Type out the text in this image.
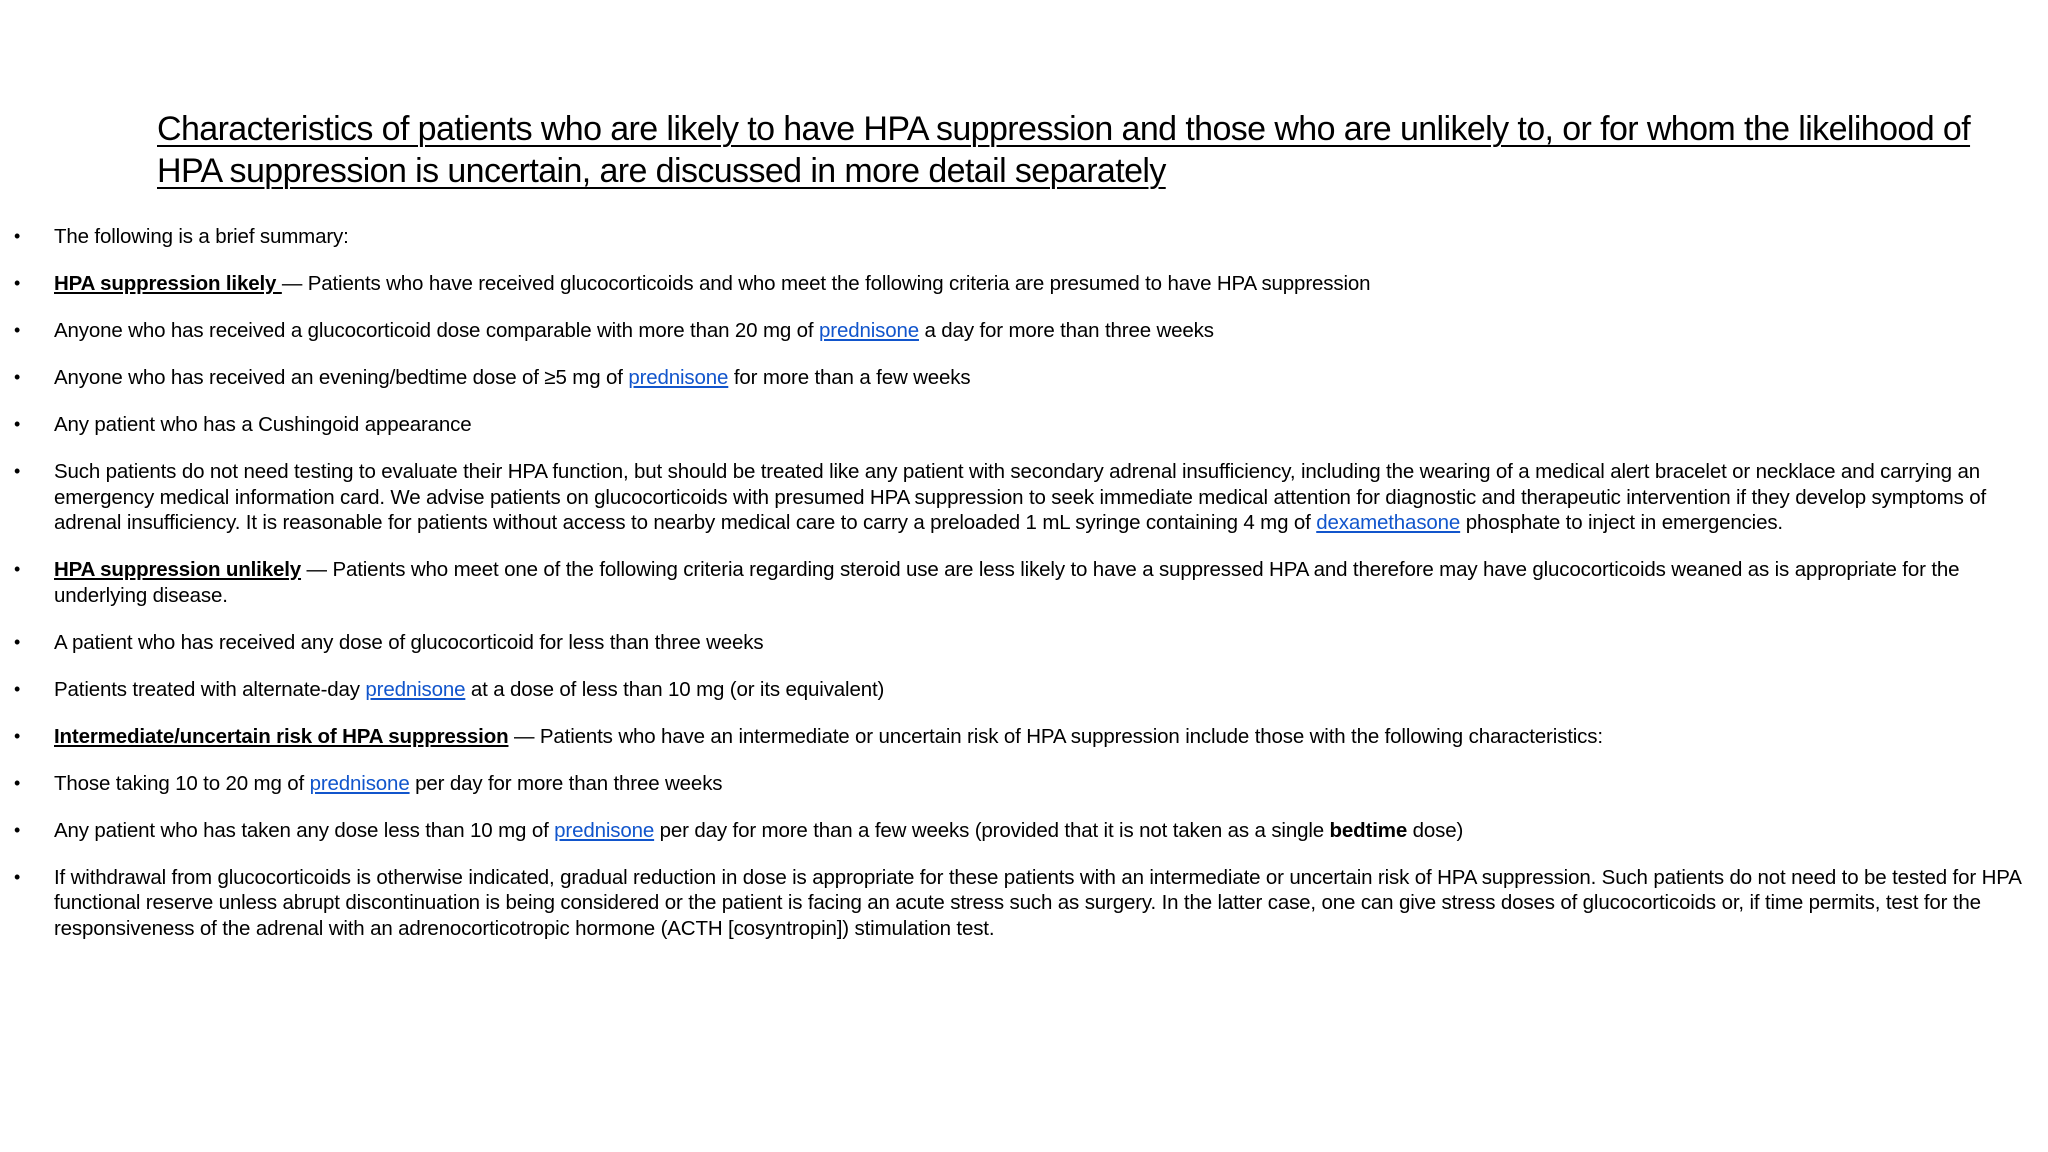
Characteristics of patients who are likely to have HPA suppression and those who are unlikely to, or for whom the likelihood of HPA suppression is uncertain, are discussed in more detail separately
• The following is a brief summary:
• HPA suppression likely — Patients who have received glucocorticoids and who meet the following criteria are presumed to have HPA suppression
• Anyone who has received a glucocorticoid dose comparable with more than 20 mg of prednisone a day for more than three weeks
• Anyone who has received an evening/bedtime dose of ≥5 mg of prednisone for more than a few weeks
• Any patient who has a Cushingoid appearance
• Such patients do not need testing to evaluate their HPA function, but should be treated like any patient with secondary adrenal insufficiency, including the wearing of a medical alert bracelet or necklace and carrying an emergency medical information card. We advise patients on glucocorticoids with presumed HPA suppression to seek immediate medical attention for diagnostic and therapeutic intervention if they develop symptoms of adrenal insufficiency. It is reasonable for patients without access to nearby medical care to carry a preloaded 1 mL syringe containing 4 mg of dexamethasone phosphate to inject in emergencies.
• HPA suppression unlikely — Patients who meet one of the following criteria regarding steroid use are less likely to have a suppressed HPA and therefore may have glucocorticoids weaned as is appropriate for the underlying disease.
• A patient who has received any dose of glucocorticoid for less than three weeks
• Patients treated with alternate-day prednisone at a dose of less than 10 mg (or its equivalent)
• Intermediate/uncertain risk of HPA suppression — Patients who have an intermediate or uncertain risk of HPA suppression include those with the following characteristics:
• Those taking 10 to 20 mg of prednisone per day for more than three weeks
• Any patient who has taken any dose less than 10 mg of prednisone per day for more than a few weeks (provided that it is not taken as a single bedtime dose)
• If withdrawal from glucocorticoids is otherwise indicated, gradual reduction in dose is appropriate for these patients with an intermediate or uncertain risk of HPA suppression. Such patients do not need to be tested for HPA functional reserve unless abrupt discontinuation is being considered or the patient is facing an acute stress such as surgery. In the latter case, one can give stress doses of glucocorticoids or, if time permits, test for the responsiveness of the adrenal with an adrenocorticotropic hormone (ACTH [cosyntropin]) stimulation test.
